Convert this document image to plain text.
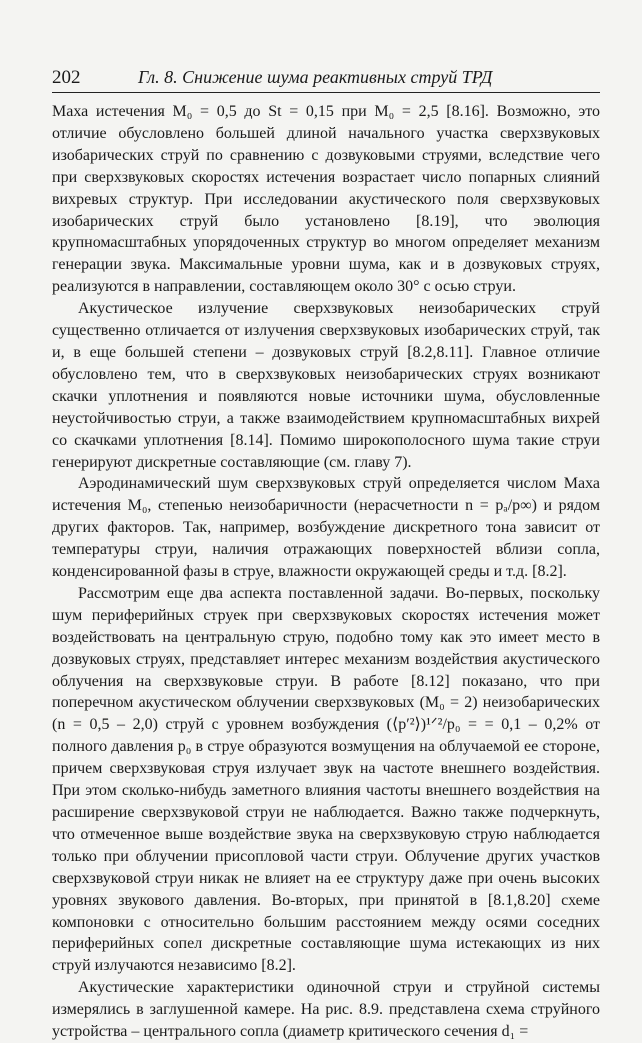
202	Гл. 8. Снижение шума реактивных струй ТРД

Маха истечения M₀ = 0,5 до St = 0,15 при M₀ = 2,5 [8.16]. Возможно, это отличие обусловлено большей длиной начального участка сверхзвуковых изобарических струй по сравнению с дозвуковыми струями, вследствие чего при сверхзвуковых скоростях истечения возрастает число попарных слияний вихревых структур. При исследовании акустического поля сверхзвуковых изобарических струй было установлено [8.19], что эволюция крупномасштабных упорядоченных структур во многом определяет механизм генерации звука. Максимальные уровни шума, как и в дозвуковых струях, реализуются в направлении, составляющем около 30° с осью струи.

Акустическое излучение сверхзвуковых неизобарических струй существенно отличается от излучения сверхзвуковых изобарических струй, так и, в еще большей степени – дозвуковых струй [8.2,8.11]. Главное отличие обусловлено тем, что в сверхзвуковых неизобарических струях возникают скачки уплотнения и появляются новые источники шума, обусловленные неустойчивостью струи, а также взаимодействием крупномасштабных вихрей со скачками уплотнения [8.14]. Помимо широкополосного шума такие струи генерируют дискретные составляющие (см. главу 7).

Аэродинамический шум сверхзвуковых струй определяется числом Маха истечения M₀, степенью неизобаричности (нерасчетности n = pₐ/p∞) и рядом других факторов. Так, например, возбуждение дискретного тона зависит от температуры струи, наличия отражающих поверхностей вблизи сопла, конденсированной фазы в струе, влажности окружающей среды и т.д. [8.2].

Рассмотрим еще два аспекта поставленной задачи. Во-первых, поскольку шум периферийных струек при сверхзвуковых скоростях истечения может воздействовать на центральную струю, подобно тому как это имеет место в дозвуковых струях, представляет интерес механизм воздействия акустического облучения на сверхзвуковые струи. В работе [8.12] показано, что при поперечном акустическом облучении сверхзвуковых (M₀ = 2) неизобарических (n = 0,5 – 2,0) струй с уровнем возбуждения (⟨p′²⟩)¹ᐟ²/p₀ = = 0,1 – 0,2% от полного давления p₀ в струе образуются возмущения на облучаемой ее стороне, причем сверхзвуковая струя излучает звук на частоте внешнего воздействия. При этом сколько-нибудь заметного влияния частоты внешнего воздействия на расширение сверхзвуковой струи не наблюдается. Важно также подчеркнуть, что отмеченное выше воздействие звука на сверхзвуковую струю наблюдается только при облучении присопловой части струи. Облучение других участков сверхзвуковой струи никак не влияет на ее структуру даже при очень высоких уровнях звукового давления. Во-вторых, при принятой в [8.1,8.20] схеме компоновки с относительно большим расстоянием между осями соседних периферийных сопел дискретные составляющие шума истекающих из них струй излучаются независимо [8.2].

Акустические характеристики одиночной струи и струйной системы измерялись в заглушенной камере. На рис. 8.9. представлена схема струйного устройства – центрального сопла (диаметр критического сечения d₁ =
